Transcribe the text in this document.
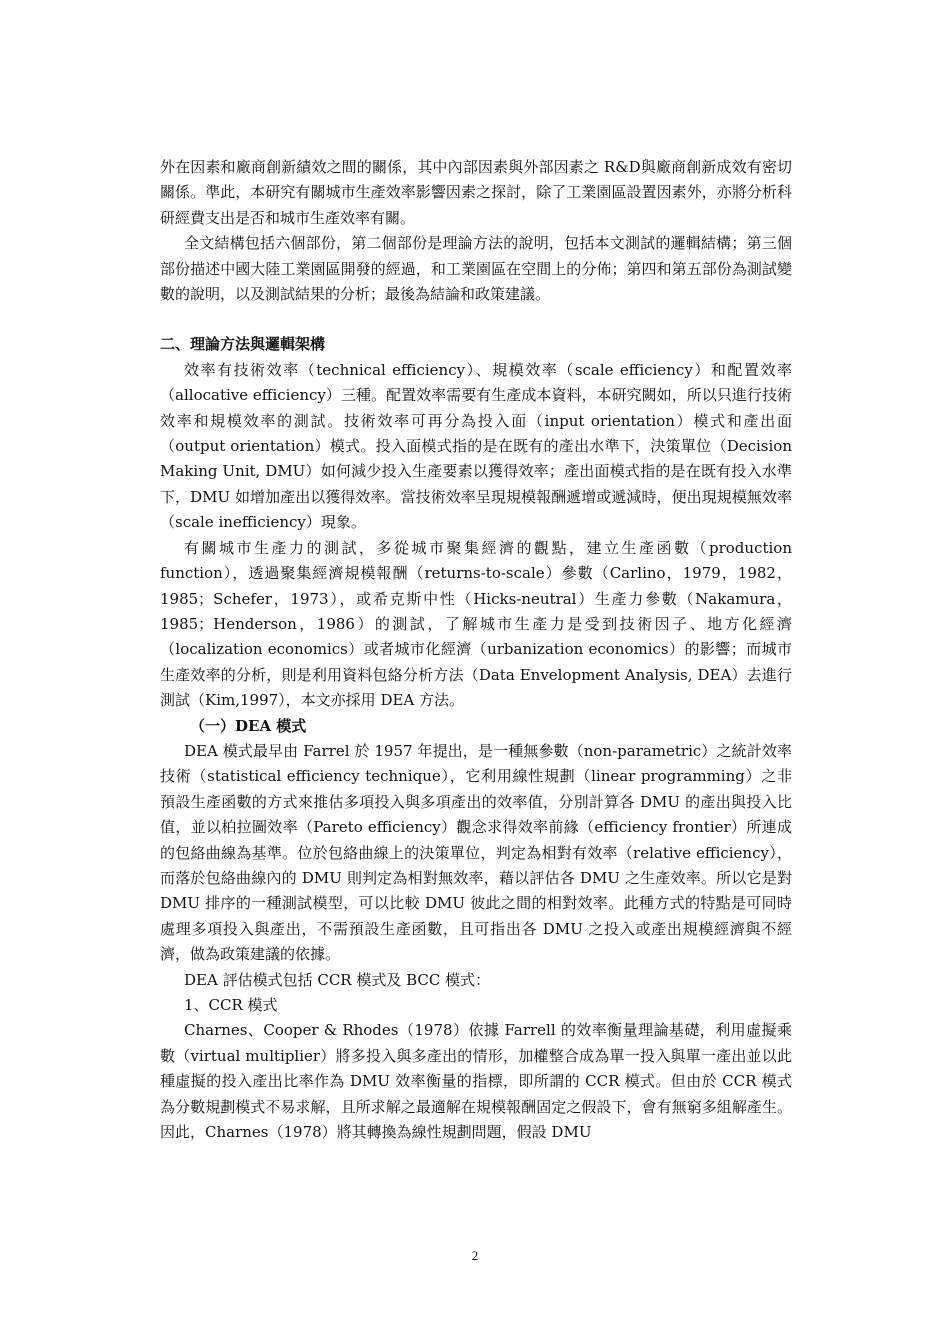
外在因素和廠商創新績效之間的關係，其中內部因素與外部因素之 R&D與廠商創新成效有密切關係。準此，本研究有關城市生產效率影響因素之探討，除了工業園區設置因素外，亦將分析科研經費支出是否和城市生產效率有關。

全文結構包括六個部份，第二個部份是理論方法的說明，包括本文測試的邏輯結構；第三個部份描述中國大陸工業園區開發的經過，和工業園區在空間上的分佈；第四和第五部份為測試變數的說明，以及測試結果的分析；最後為結論和政策建議。

二、理論方法與邏輯架構

效率有技術效率（technical efficiency）、規模效率（scale efficiency）和配置效率（allocative efficiency）三種。配置效率需要有生產成本資料，本研究闕如，所以只進行技術效率和規模效率的測試。技術效率可再分為投入面（input orientation）模式和產出面（output orientation）模式。投入面模式指的是在既有的產出水準下，決策單位（Decision Making Unit, DMU）如何減少投入生產要素以獲得效率；產出面模式指的是在既有投入水準下，DMU 如增加產出以獲得效率。當技術效率呈現規模報酬遞增或遞減時，便出現規模無效率（scale inefficiency）現象。

有關城市生產力的測試，多從城市聚集經濟的觀點，建立生產函數（production function），透過聚集經濟規模報酬（returns-to-scale）參數（Carlino，1979，1982，1985；Schefer，1973），或希克斯中性（Hicks-neutral）生產力參數（Nakamura，1985；Henderson，1986）的測試，了解城市生產力是受到技術因子、地方化經濟（localization economics）或者城市化經濟（urbanization economics）的影響；而城市生產效率的分析，則是利用資料包絡分析方法（Data Envelopment Analysis, DEA）去進行測試（Kim,1997），本文亦採用 DEA 方法。

（一）DEA 模式

DEA 模式最早由 Farrel 於 1957 年提出，是一種無參數（non-parametric）之統計效率技術（statistical efficiency technique），它利用線性規劃（linear programming）之非預設生產函數的方式來推估多項投入與多項產出的效率值，分別計算各 DMU 的產出與投入比值，並以柏拉圖效率（Pareto efficiency）觀念求得效率前緣（efficiency frontier）所連成的包絡曲線為基準。位於包絡曲線上的決策單位，判定為相對有效率（relative efficiency），而落於包絡曲線內的 DMU 則判定為相對無效率，藉以評估各 DMU 之生產效率。所以它是對 DMU 排序的一種測試模型，可以比較 DMU 彼此之間的相對效率。此種方式的特點是可同時處理多項投入與產出，不需預設生產函數，且可指出各 DMU 之投入或產出規模經濟與不經濟，做為政策建議的依據。

DEA 評估模式包括 CCR 模式及 BCC 模式：

1、CCR 模式

Charnes、Cooper & Rhodes（1978）依據 Farrell 的效率衡量理論基礎，利用虛擬乘數（virtual multiplier）將多投入與多產出的情形，加權整合成為單一投入與單一產出並以此種虛擬的投入產出比率作為 DMU 效率衡量的指標，即所謂的 CCR 模式。但由於 CCR 模式為分數規劃模式不易求解，且所求解之最適解在規模報酬固定之假設下，會有無窮多組解產生。因此，Charnes（1978）將其轉換為線性規劃問題，假設 DMU

2
